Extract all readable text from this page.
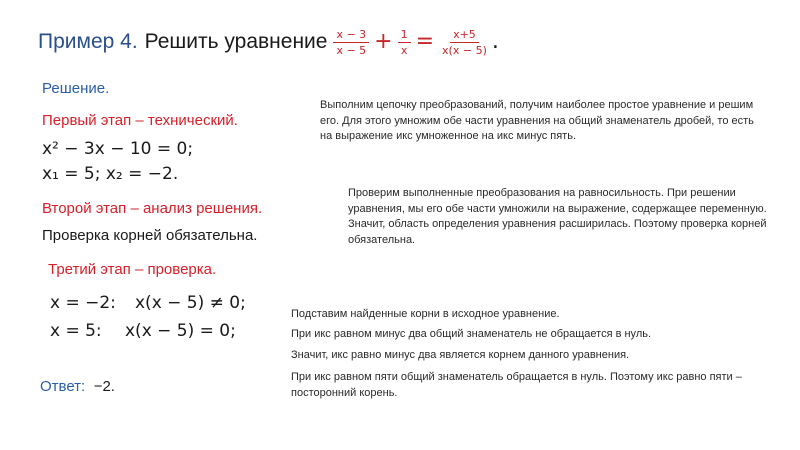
Пример 4. Решить уравнение $\frac{x - 3}{x - 5} + \frac{1}{x} = \frac{x+5}{x(x - 5)}$ .
Решение.
Первый этап – технический.
x² − 3x − 10 = 0;
x₁ = 5; x₂ = −2.
Второй этап – анализ решения.
Проверка корней обязательна.
Третий этап – проверка.
x = −2: x(x − 5) ≠ 0;
x = 5: x(x − 5) = 0;
Ответ: −2.
Выполним цепочку преобразований, получим наиболее простое уравнение и решим его. Для этого умножим обе части уравнения на общий знаменатель дробей, то есть на выражение икс умноженное на икс минус пять.
Проверим выполненные преобразования на равносильность. При решении уравнения, мы его обе части умножили на выражение, содержащее переменную. Значит, область определения уравнения расширилась. Поэтому проверка корней обязательна.
Подставим найденные корни в исходное уравнение.
При икс равном минус два общий знаменатель не обращается в нуль.
Значит, икс равно минус два является корнем данного уравнения.
При икс равном пяти общий знаменатель обращается в нуль. Поэтому икс равно пяти – посторонний корень.
